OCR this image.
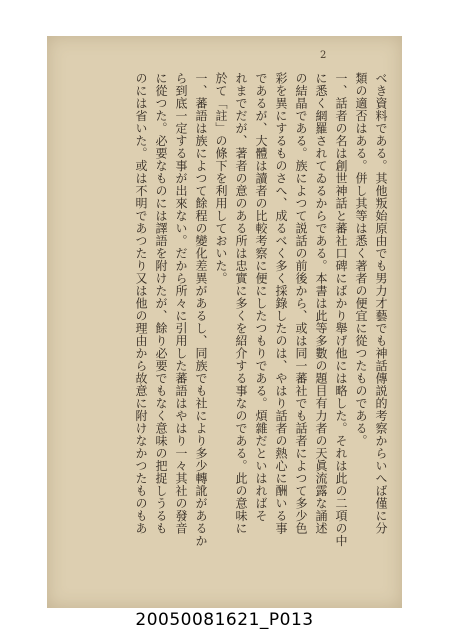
2
べき資料である。其他叛始原由でも男力才藝でも神話傳説的考察からいへば僅に分
類の適否はある。併し其等は悉く著者の便宜に從つたものである。
一、話者の名は創世神話と蕃社口碑にばかり舉げ他には略した。それは此の二項の中
に悉く網羅されてゐるからである。本書は此等多數の題目有力者の天眞流露な誦述
の結晶である。族によつて説話の前後から、或は同一蕃社でも話者によつて多少色
彩を異にするものさへ、成るべく多く採錄したのは、やはり話者の熱心に酬いる事
であるが、大體は讀者の比較考察に便にしたつもりである。煩雜だといはればそ
れまでだが、著者の意のある所は忠實に多くを紹介する事なのである。此の意味に
於て「註」の條下を利用しておいた。
一、蕃語は族によつて餘程の變化差異があるし、同族でも社により多少轉訛があるか
ら到底一定する事が出來ない。だから所々に引用した蕃語はやはり一々其社の發音
に從つた。必要なものには譯語を附けたが、餘り必要でもなく意味の把捉しうるも
のには省いた。或は不明であつたり又は他の理由から故意に附けなかつたものもあ
20050081621_P013
